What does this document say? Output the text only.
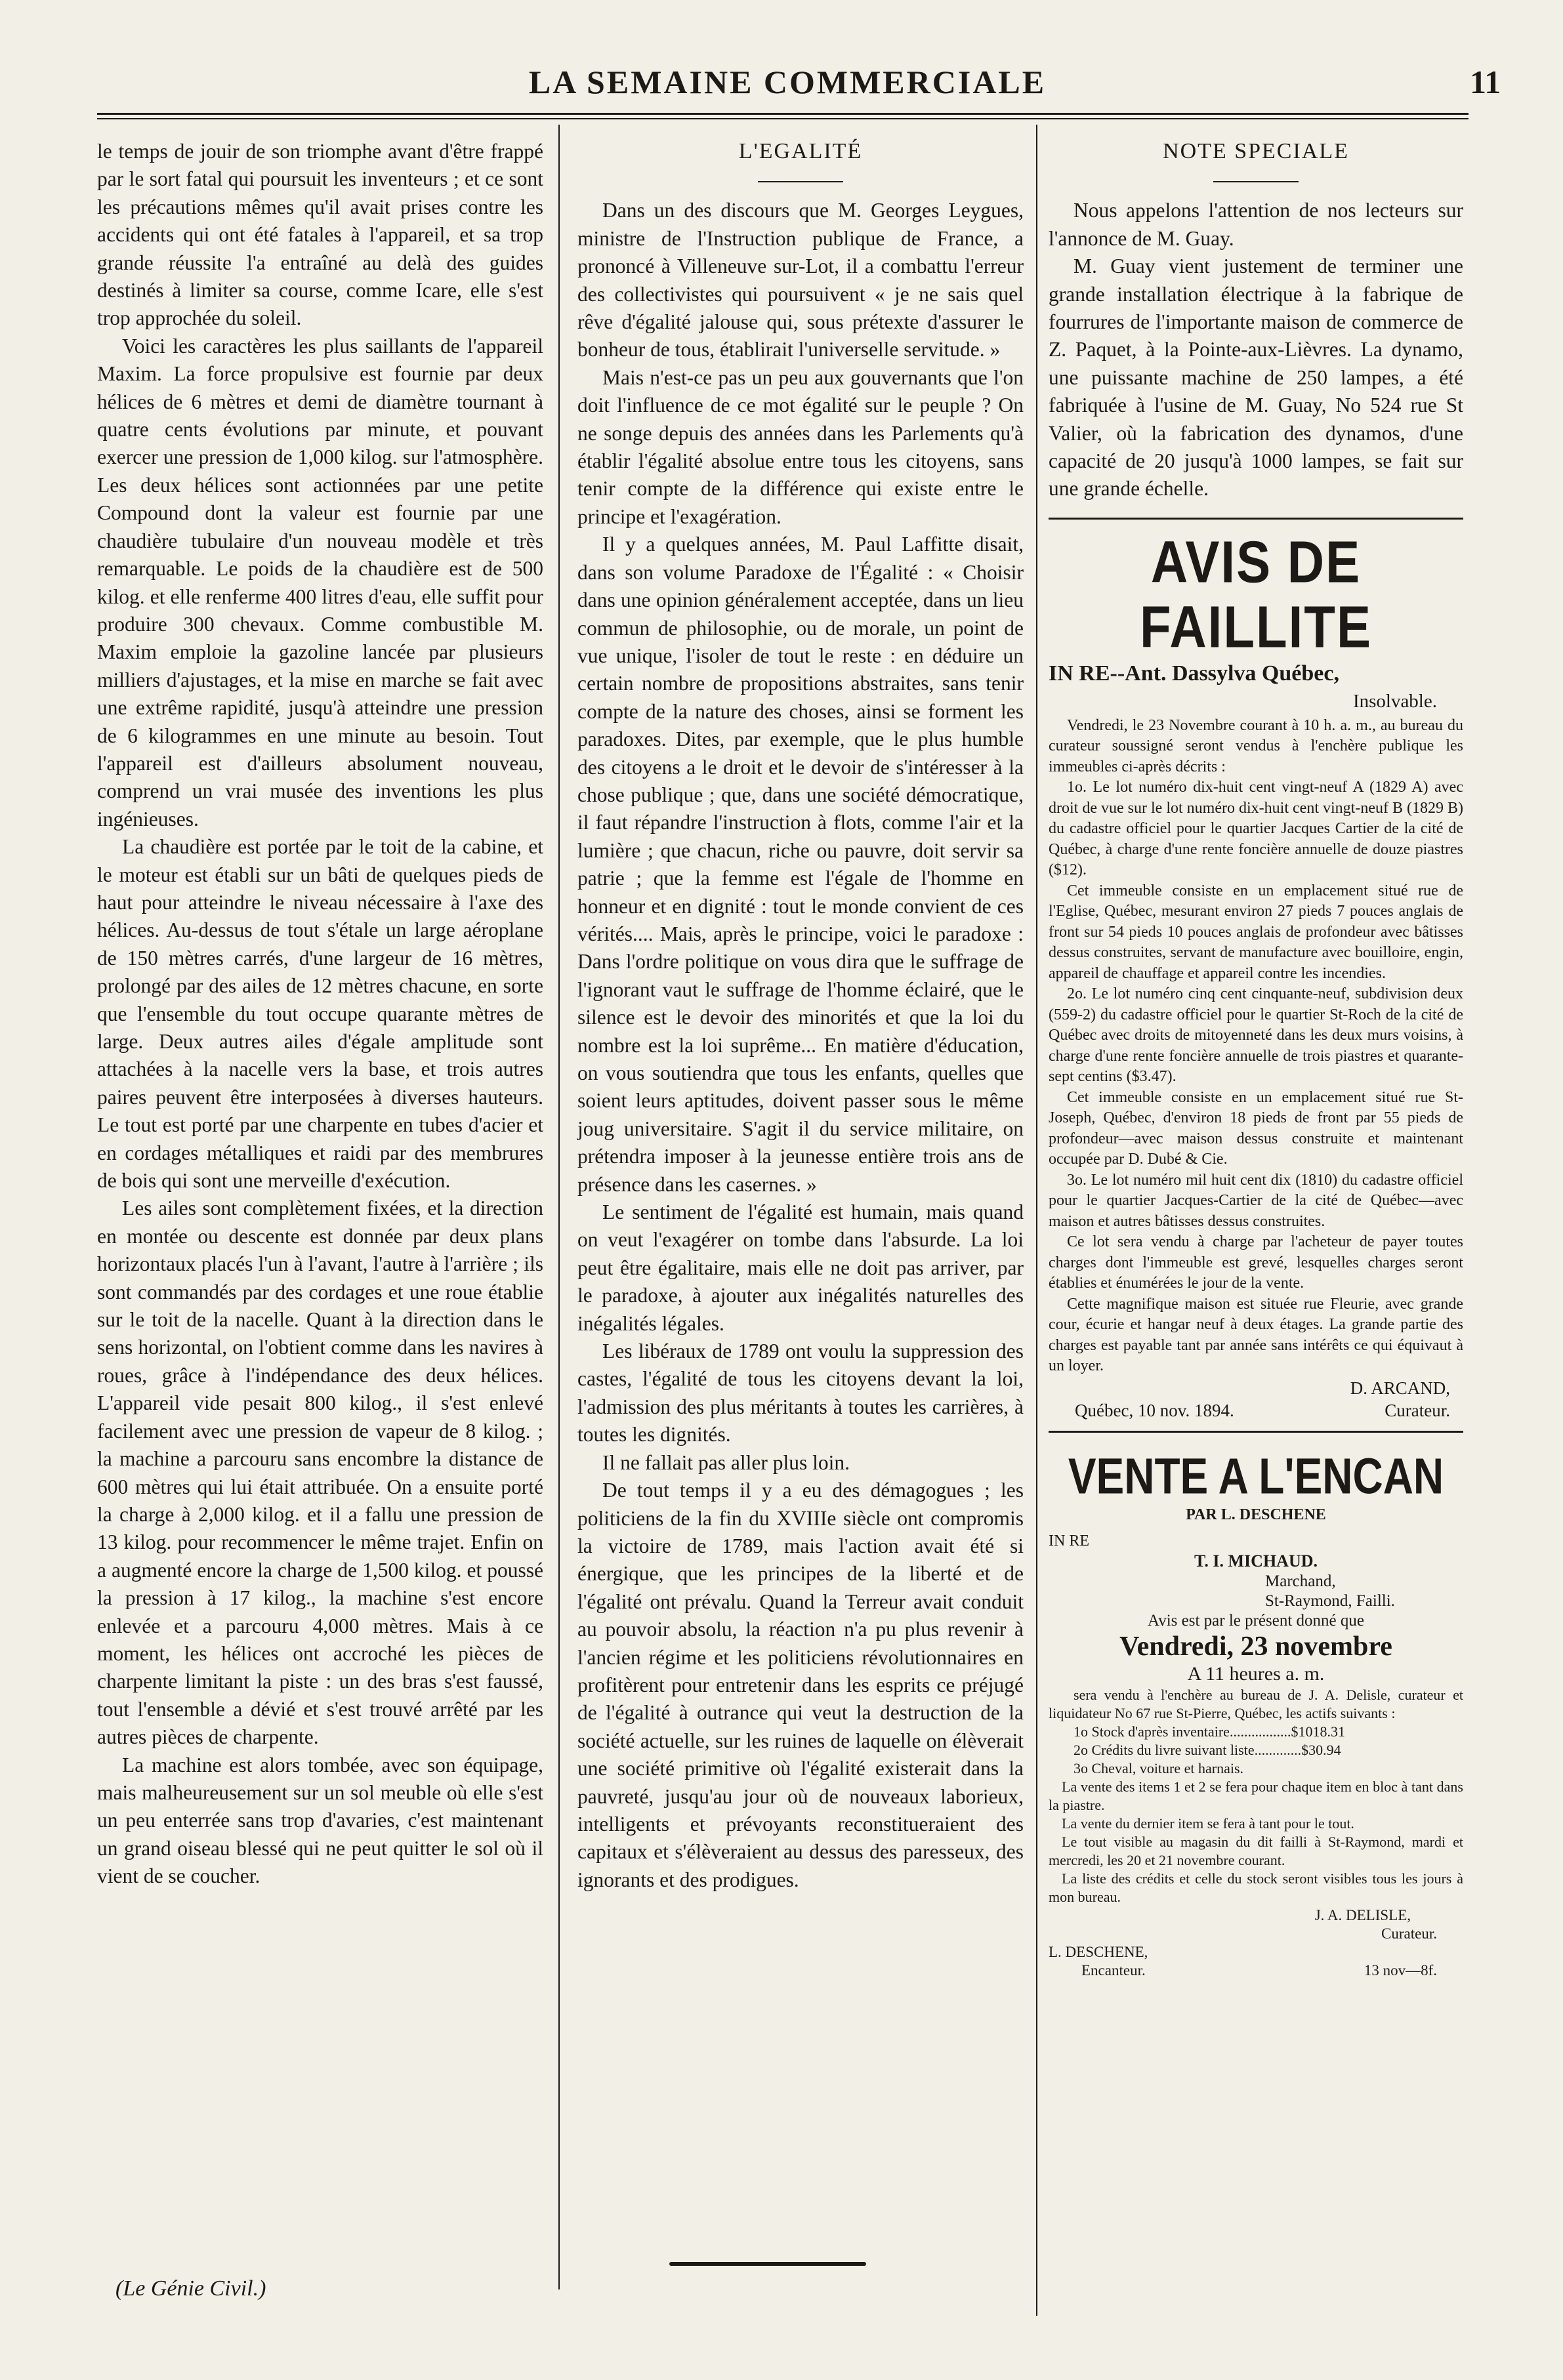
LA SEMAINE COMMERCIALE	11

le temps de jouir de son triomphe avant d'être frappé par le sort fatal qui poursuit les inventeurs ; et ce sont les précautions mêmes qu'il avait prises contre les accidents qui ont été fatales à l'appareil, et sa trop grande réussite l'a entraîné au delà des guides destinés à limiter sa course, comme Icare, elle s'est trop approchée du soleil.

Voici les caractères les plus saillants de l'appareil Maxim. La force propulsive est fournie par deux hélices de 6 mètres et demi de diamètre tournant à quatre cents évolutions par minute, et pouvant exercer une pression de 1,000 kilog. sur l'atmosphère. Les deux hélices sont actionnées par une petite Compound dont la valeur est fournie par une chaudière tubulaire d'un nouveau modèle et très remarquable. Le poids de la chaudière est de 500 kilog. et elle renferme 400 litres d'eau, elle suffit pour produire 300 chevaux. Comme combustible M. Maxim emploie la gazoline lancée par plusieurs milliers d'ajustages, et la mise en marche se fait avec une extrême rapidité, jusqu'à atteindre une pression de 6 kilogrammes en une minute au besoin. Tout l'appareil est d'ailleurs absolument nouveau, comprend un vrai musée des inventions les plus ingénieuses.

La chaudière est portée par le toit de la cabine, et le moteur est établi sur un bâti de quelques pieds de haut pour atteindre le niveau nécessaire à l'axe des hélices. Au-dessus de tout s'étale un large aéroplane de 150 mètres carrés, d'une largeur de 16 mètres, prolongé par des ailes de 12 mètres chacune, en sorte que l'ensemble du tout occupe quarante mètres de large. Deux autres ailes d'égale amplitude sont attachées à la nacelle vers la base, et trois autres paires peuvent être interposées à diverses hauteurs. Le tout est porté par une charpente en tubes d'acier et en cordages métalliques et raidi par des membrures de bois qui sont une merveille d'exécution.

Les ailes sont complètement fixées, et la direction en montée ou descente est donnée par deux plans horizontaux placés l'un à l'avant, l'autre à l'arrière ; ils sont commandés par des cordages et une roue établie sur le toit de la nacelle. Quant à la direction dans le sens horizontal, on l'obtient comme dans les navires à roues, grâce à l'indépendance des deux hélices. L'appareil vide pesait 800 kilog., il s'est enlevé facilement avec une pression de vapeur de 8 kilog. ; la machine a parcouru sans encombre la distance de 600 mètres qui lui était attribuée. On a ensuite porté la charge à 2,000 kilog. et il a fallu une pression de 13 kilog. pour recommencer le même trajet. Enfin on a augmenté encore la charge de 1,500 kilog. et poussé la pression à 17 kilog., la machine s'est encore enlevée et a parcouru 4,000 mètres. Mais à ce moment, les hélices ont accroché les pièces de charpente limitant la piste : un des bras s'est faussé, tout l'ensemble a dévié et s'est trouvé arrêté par les autres pièces de charpente.

La machine est alors tombée, avec son équipage, mais malheureusement sur un sol meuble où elle s'est un peu enterrée sans trop d'avaries, c'est maintenant un grand oiseau blessé qui ne peut quitter le sol où il vient de se coucher.

(Le Génie Civil.)
L'EGALITÉ

Dans un des discours que M. Georges Leygues, ministre de l'Instruction publique de France, a prononcé à Villeneuve sur-Lot, il a combattu l'erreur des collectivistes qui poursuivent « je ne sais quel rêve d'égalité jalouse qui, sous prétexte d'assurer le bonheur de tous, établirait l'universelle servitude. »

Mais n'est-ce pas un peu aux gouvernants que l'on doit l'influence de ce mot égalité sur le peuple ? On ne songe depuis des années dans les Parlements qu'à établir l'égalité absolue entre tous les citoyens, sans tenir compte de la différence qui existe entre le principe et l'exagération.

Il y a quelques années, M. Paul Laffitte disait, dans son volume Paradoxe de l'Égalité : « Choisir dans une opinion généralement acceptée, dans un lieu commun de philosophie, ou de morale, un point de vue unique, l'isoler de tout le reste : en déduire un certain nombre de propositions abstraites, sans tenir compte de la nature des choses, ainsi se forment les paradoxes. Dites, par exemple, que le plus humble des citoyens a le droit et le devoir de s'intéresser à la chose publique ; que, dans une société démocratique, il faut répandre l'instruction à flots, comme l'air et la lumière ; que chacun, riche ou pauvre, doit servir sa patrie ; que la femme est l'égale de l'homme en honneur et en dignité : tout le monde convient de ces vérités.... Mais, après le principe, voici le paradoxe : Dans l'ordre politique on vous dira que le suffrage de l'ignorant vaut le suffrage de l'homme éclairé, que le silence est le devoir des minorités et que la loi du nombre est la loi suprême... En matière d'éducation, on vous soutiendra que tous les enfants, quelles que soient leurs aptitudes, doivent passer sous le même joug universitaire. S'agit il du service militaire, on prétendra imposer à la jeunesse entière trois ans de présence dans les casernes. »

Le sentiment de l'égalité est humain, mais quand on veut l'exagérer on tombe dans l'absurde. La loi peut être égalitaire, mais elle ne doit pas arriver, par le paradoxe, à ajouter aux inégalités naturelles des inégalités légales.

Les libéraux de 1789 ont voulu la suppression des castes, l'égalité de tous les citoyens devant la loi, l'admission des plus méritants à toutes les carrières, à toutes les dignités.

Il ne fallait pas aller plus loin.

De tout temps il y a eu des démagogues ; les politiciens de la fin du XVIIIe siècle ont compromis la victoire de 1789, mais l'action avait été si énergique, que les principes de la liberté et de l'égalité ont prévalu. Quand la Terreur avait conduit au pouvoir absolu, la réaction n'a pu plus revenir à l'ancien régime et les politiciens révolutionnaires en profitèrent pour entretenir dans les esprits ce préjugé de l'égalité à outrance qui veut la destruction de la société actuelle, sur les ruines de laquelle on élèverait une société primitive où l'égalité existerait dans la pauvreté, jusqu'au jour où de nouveaux laborieux, intelligents et prévoyants reconstitueraient des capitaux et s'élèveraient au dessus des paresseux, des ignorants et des prodigues.

NOTE SPECIALE

Nous appelons l'attention de nos lecteurs sur l'annonce de M. Guay.

M. Guay vient justement de terminer une grande installation électrique à la fabrique de fourrures de l'importante maison de commerce de Z. Paquet, à la Pointe-aux-Lièvres. La dynamo, une puissante machine de 250 lampes, a été fabriquée à l'usine de M. Guay, No 524 rue St Valier, où la fabrication des dynamos, d'une capacité de 20 jusqu'à 1000 lampes, se fait sur une grande échelle.

AVIS DE FAILLITE
IN RE--Ant. Dassylva Québec,
Insolvable.

Vendredi, le 23 Novembre courant à 10 h. a. m., au bureau du curateur soussigné seront vendus à l'enchère publique les immeubles ci-après décrits :

1o. Le lot numéro dix-huit cent vingt-neuf A (1829 A) avec droit de vue sur le lot numéro dix-huit cent vingt-neuf B (1829 B) du cadastre officiel pour le quartier Jacques Cartier de la cité de Québec, à charge d'une rente foncière annuelle de douze piastres ($12).

Cet immeuble consiste en un emplacement situé rue de l'Eglise, Québec, mesurant environ 27 pieds 7 pouces anglais de front sur 54 pieds 10 pouces anglais de profondeur avec bâtisses dessus construites, servant de manufacture avec bouilloire, engin, appareil de chauffage et appareil contre les incendies.

2o. Le lot numéro cinq cent cinquante-neuf, subdivision deux (559-2) du cadastre officiel pour le quartier St-Roch de la cité de Québec avec droits de mitoyenneté dans les deux murs voisins, à charge d'une rente foncière annuelle de trois piastres et quarante-sept centins ($3.47).

Cet immeuble consiste en un emplacement situé rue St-Joseph, Québec, d'environ 18 pieds de front par 55 pieds de profondeur—avec maison dessus construite et maintenant occupée par D. Dubé & Cie.

3o. Le lot numéro mil huit cent dix (1810) du cadastre officiel pour le quartier Jacques-Cartier de la cité de Québec—avec maison et autres bâtisses dessus construites.

Ce lot sera vendu à charge par l'acheteur de payer toutes charges dont l'immeuble est grevé, lesquelles charges seront établies et énumérées le jour de la vente.

Cette magnifique maison est située rue Fleurie, avec grande cour, écurie et hangar neuf à deux étages. La grande partie des charges est payable tant par année sans intérêts ce qui équivaut à un loyer.

D. ARCAND,
Québec, 10 nov. 1894.	Curateur.
VENTE A L'ENCAN
PAR L. DESCHENE
IN RE
T. I. MICHAUD.
Marchand,
St-Raymond, Failli.
Avis est par le présent donné que
Vendredi, 23 novembre
A 11 heures a. m.

sera vendu à l'enchère au bureau de J. A. Delisle, curateur et liquidateur No 67 rue St-Pierre, Québec, les actifs suivants :

1o Stock d'après inventaire.................$1018.31

2o Crédits du livre suivant liste.............$30.94

3o Cheval, voiture et harnais.

La vente des items 1 et 2 se fera pour chaque item en bloc à tant dans la piastre.

La vente du dernier item se fera à tant pour le tout.

Le tout visible au magasin du dit failli à St-Raymond, mardi et mercredi, les 20 et 21 novembre courant.

La liste des crédits et celle du stock seront visibles tous les jours à mon bureau.

J. A. DELISLE,
Curateur.
L. DESCHENE,
Encanteur.	13 nov—8f.
